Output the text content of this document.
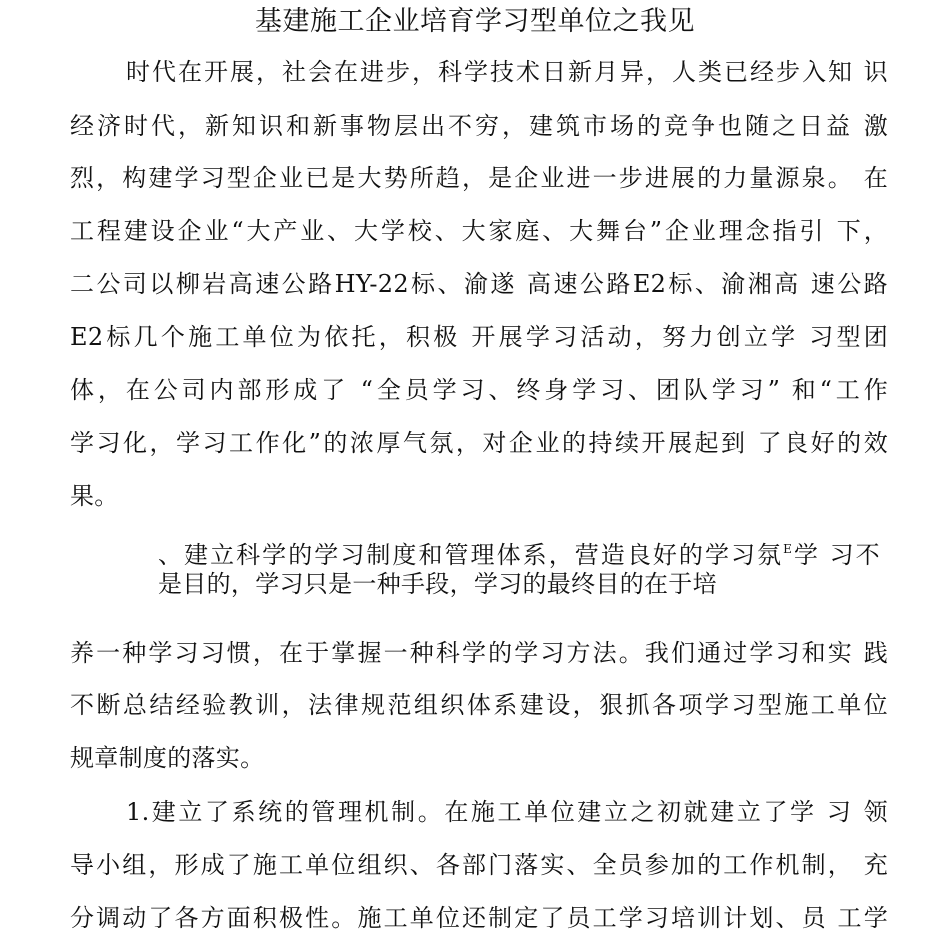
基建施工企业培育学习型单位之我见
时代在开展，社会在进步，科学技术日新月异，人类已经步入知 识
经济时代，新知识和新事物层出不穷，建筑市场的竞争也随之日益 激
烈，构建学习型企业已是大势所趋，是企业进一步进展的力量源泉。 在
工程建设企业“大产业、大学校、大家庭、大舞台”企业理念指引 下，
二公司以柳岩高速公路HY-22标、渝遂 高速公路E2标、渝湘高 速公路
E2标几个施工单位为依托，积极 开展学习活动，努力创立学 习型团
体，在公司内部形成了 “全员学习、终身学习、团队学习” 和“工作
学习化，学习工作化”的浓厚气氛，对企业的持续开展起到 了良好的效
果。
、建立科学的学习制度和管理体系，营造良好的学习氛$^E$学 习不
是目的，学习只是一种手段，学习的最终目的在于培
养一种学习习惯，在于掌握一种科学的学习方法。我们通过学习和实 践
不断总结经验教训，法律规范组织体系建设，狠抓各项学习型施工单位
规章制度的落实。
1.建立了系统的管理机制。在施工单位建立之初就建立了学 习 领
导小组，形成了施工单位组织、各部门落实、全员参加的工作机制， 充
分调动了各方面积极性。施工单位还制定了员工学习培训计划、员 工学
